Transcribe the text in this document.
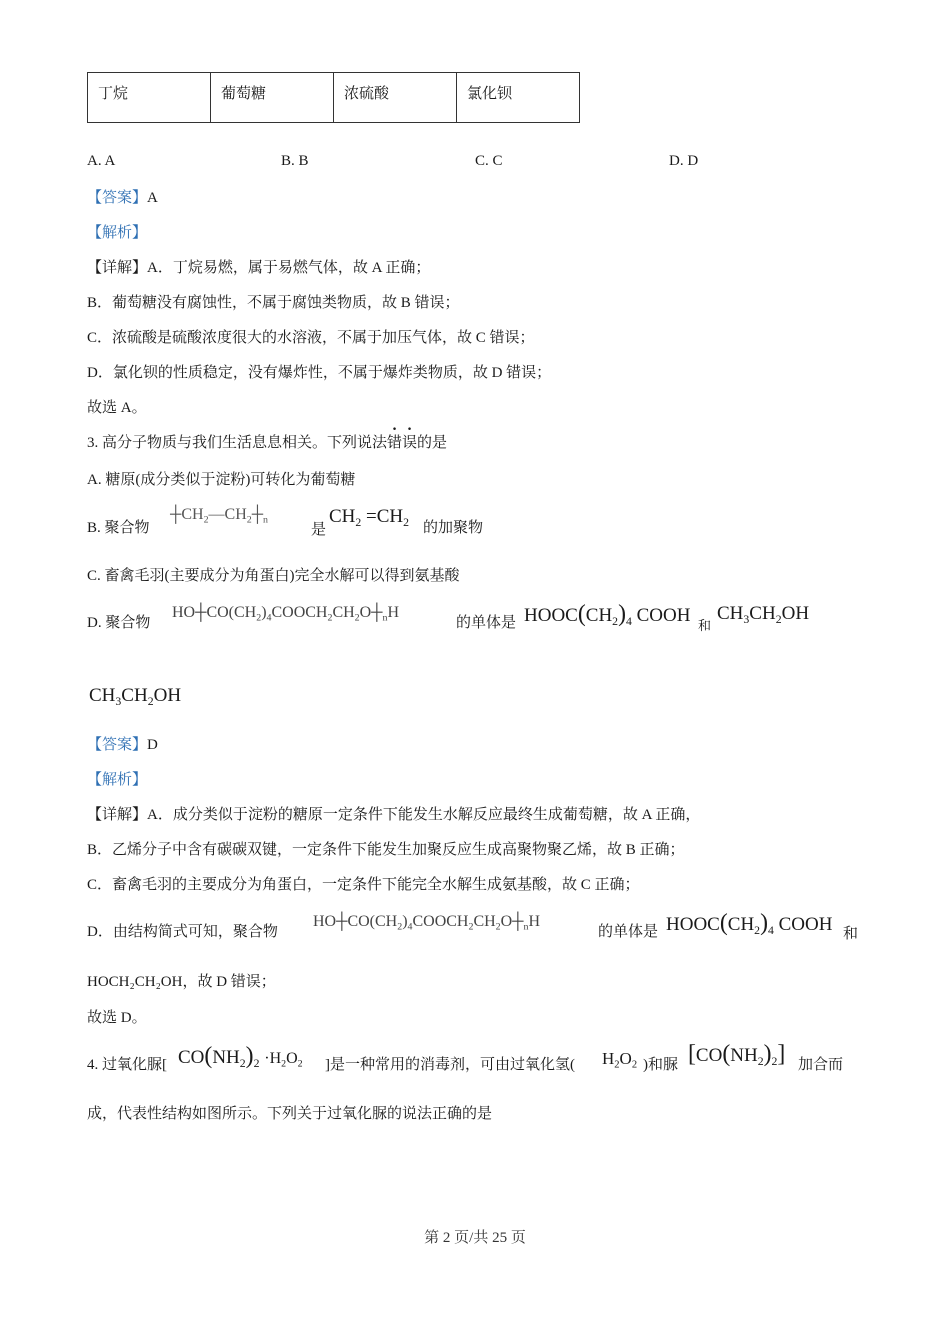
丁烷	葡萄糖	浓硫酸	氯化钡
A. A	B. B	C. C	D. D
【答案】A
【解析】
【详解】A．丁烷易燃，属于易燃气体，故 A 正确；
B．葡萄糖没有腐蚀性，不属于腐蚀类物质，故 B 错误；
C．浓硫酸是硫酸浓度很大的水溶液，不属于加压气体，故 C 错误；
D．氯化钡的性质稳定，没有爆炸性，不属于爆炸类物质，故 D 错误；
故选 A。
3. 高分子物质与我们生活息息相关。下列说法错误的是
A. 糖原(成分类似于淀粉)可转化为葡萄糖
B. 聚合物
$┼CH_2—CH_2┼_n$
是
$CH_2 =CH_2$ 的加聚物
C. 畜禽毛羽(主要成分为角蛋白)完全水解可以得到氨基酸
D. 聚合物
$HO┼CO(CH_2)_4COOCH_2CH_2O┼_nH$
的单体是 $HOOC(CH_2)_4$ COOH 和
$CH_3CH_2OH$
$CH_3CH_2OH$
【答案】D
【解析】
【详解】A．成分类似于淀粉的糖原一定条件下能发生水解反应最终生成葡萄糖，故 A 正确，
B．乙烯分子中含有碳碳双键，一定条件下能发生加聚反应生成高聚物聚乙烯，故 B 正确；
C．畜禽毛羽的主要成分为角蛋白，一定条件下能完全水解生成氨基酸，故 C 正确；
D．由结构简式可知，聚合物
$HO┼CO(CH_2)_4COOCH_2CH_2O┼_nH$
的单体是 $HOOC(CH_2)_4$ COOH 和
HOCH₂CH₂OH，故 D 错误；
故选 D。
4. 过氧化脲[ $CO(NH_2)_2 \cdot H_2O_2$ ]是一种常用的消毒剂，可由过氧化氢( $H_2O_2$ )和脲 $[CO(NH_2)_2]$ 加合而
成，代表性结构如图所示。下列关于过氧化脲的说法正确的是
第 2 页/共 25 页
